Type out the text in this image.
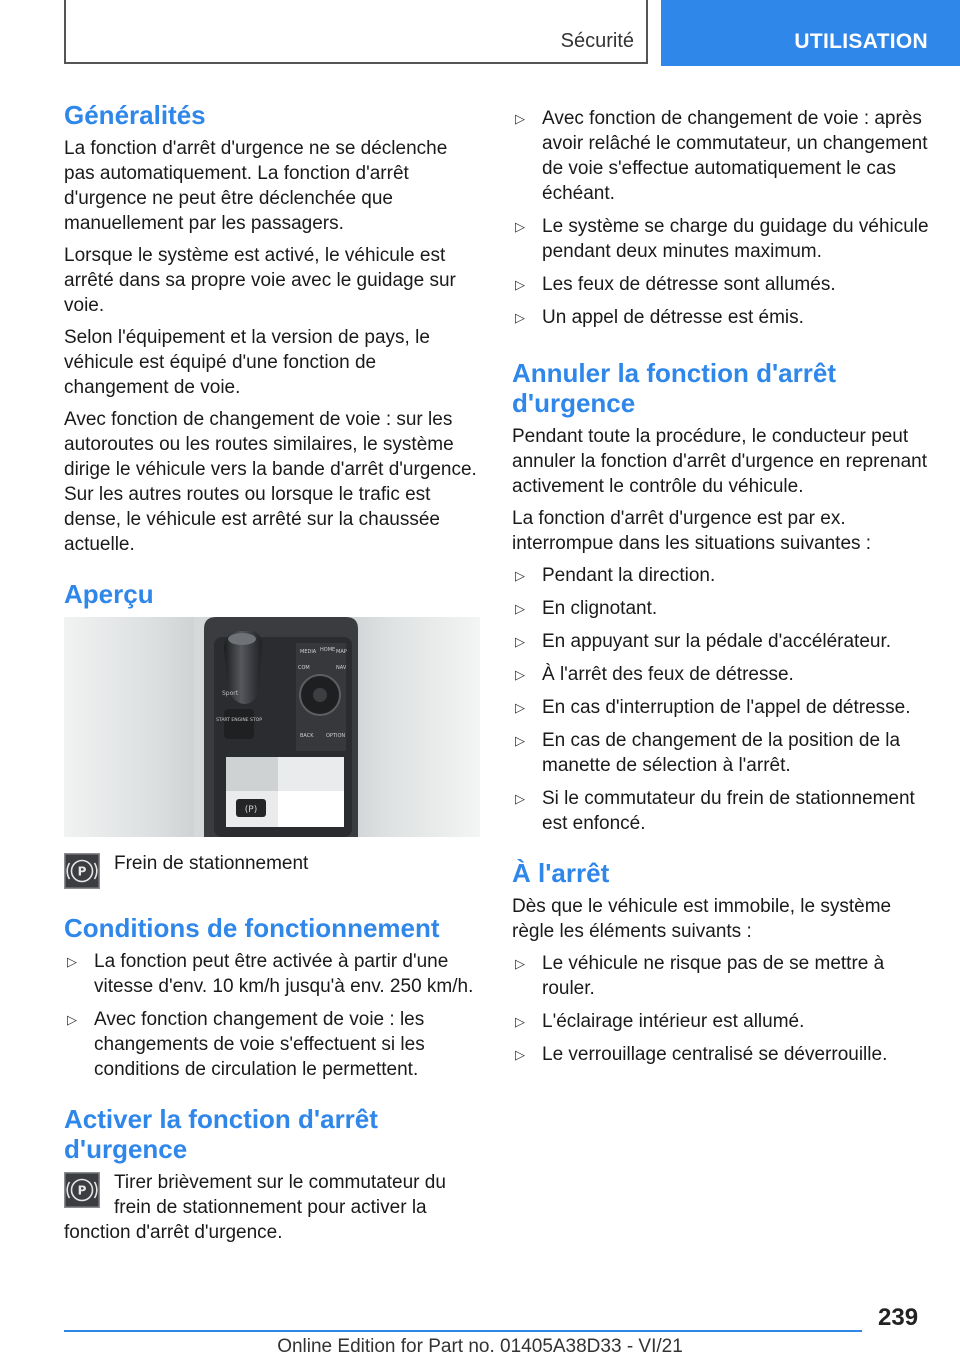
Sécurité	UTILISATION
Généralités

La fonction d'arrêt d'urgence ne se déclenche pas automatiquement. La fonction d'arrêt d'urgence ne peut être déclenchée que manuellement par les passagers.

Lorsque le système est activé, le véhicule est arrêté dans sa propre voie avec le guidage sur voie.

Selon l'équipement et la version de pays, le véhicule est équipé d'une fonction de changement de voie.

Avec fonction de changement de voie : sur les autoroutes ou les routes similaires, le système dirige le véhicule vers la bande d'arrêt d'urgence. Sur les autres routes ou lorsque le trafic est dense, le véhicule est arrêté sur la chaussée actuelle.

Aperçu
(P)
START ENGINE STOP
Sport
MEDIA HOME MAP
COM	NAV
BACK OPTION
P Frein de stationnement
Conditions de fonctionnement
▷ La fonction peut être activée à partir d'une vitesse d'env. 10 km/h jusqu'à env. 250 km/h.
▷ Avec fonction changement de voie : les changements de voie s'effectuent si les conditions de circulation le permettent.
Activer la fonction d'arrêt d'urgence

P Tirer brièvement sur le commutateur du frein de stationnement pour activer la fonction d'arrêt d'urgence.

▷ Avec fonction de changement de voie : après avoir relâché le commutateur, un changement de voie s'effectue automatiquement le cas échéant.
▷ Le système se charge du guidage du véhicule pendant deux minutes maximum.
▷ Les feux de détresse sont allumés.
▷ Un appel de détresse est émis.
Annuler la fonction d'arrêt d'urgence

Pendant toute la procédure, le conducteur peut annuler la fonction d'arrêt d'urgence en reprenant activement le contrôle du véhicule.

La fonction d'arrêt d'urgence est par ex. interrompue dans les situations suivantes :

▷ Pendant la direction.
▷ En clignotant.
▷ En appuyant sur la pédale d'accélérateur.
▷ À l'arrêt des feux de détresse.
▷ En cas d'interruption de l'appel de détresse.
▷ En cas de changement de la position de la manette de sélection à l'arrêt.
▷ Si le commutateur du frein de stationnement est enfoncé.
À l'arrêt

Dès que le véhicule est immobile, le système règle les éléments suivants :

▷ Le véhicule ne risque pas de se mettre à rouler.
▷ L'éclairage intérieur est allumé.
▷ Le verrouillage centralisé se déverrouille.
239
Online Edition for Part no. 01405A38D33 - VI/21
